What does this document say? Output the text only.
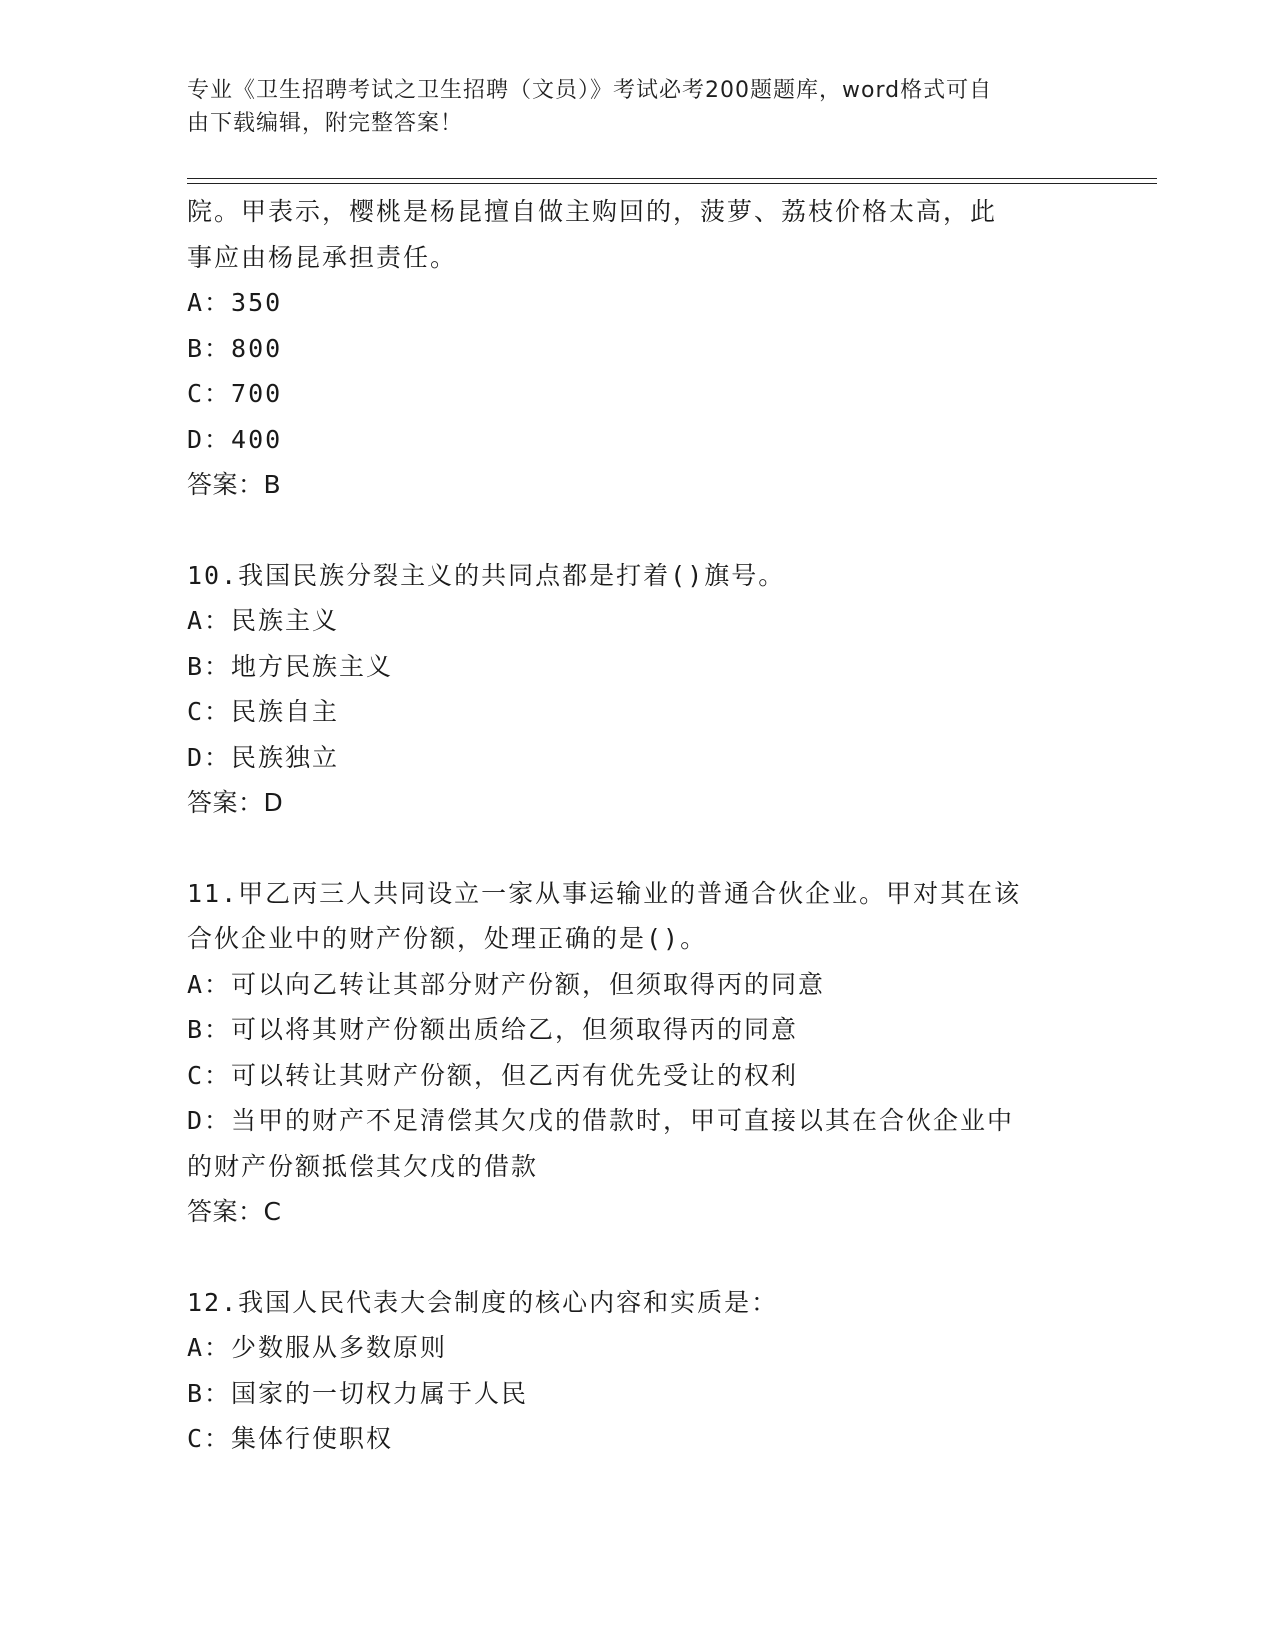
专业《卫生招聘考试之卫生招聘（文员）》考试必考200题题库，word格式可自
由下载编辑，附完整答案！
院。甲表示，樱桃是杨昆擅自做主购回的，菠萝、荔枝价格太高，此
事应由杨昆承担责任。
A：350
B：800
C：700
D：400
答案：B
10.我国民族分裂主义的共同点都是打着()旗号。
A：民族主义
B：地方民族主义
C：民族自主
D：民族独立
答案：D
11.甲乙丙三人共同设立一家从事运输业的普通合伙企业。甲对其在该
合伙企业中的财产份额，处理正确的是()。
A：可以向乙转让其部分财产份额，但须取得丙的同意
B：可以将其财产份额出质给乙，但须取得丙的同意
C：可以转让其财产份额，但乙丙有优先受让的权利
D：当甲的财产不足清偿其欠戊的借款时，甲可直接以其在合伙企业中
的财产份额抵偿其欠戊的借款
答案：C
12.我国人民代表大会制度的核心内容和实质是：
A：少数服从多数原则
B：国家的一切权力属于人民
C：集体行使职权
